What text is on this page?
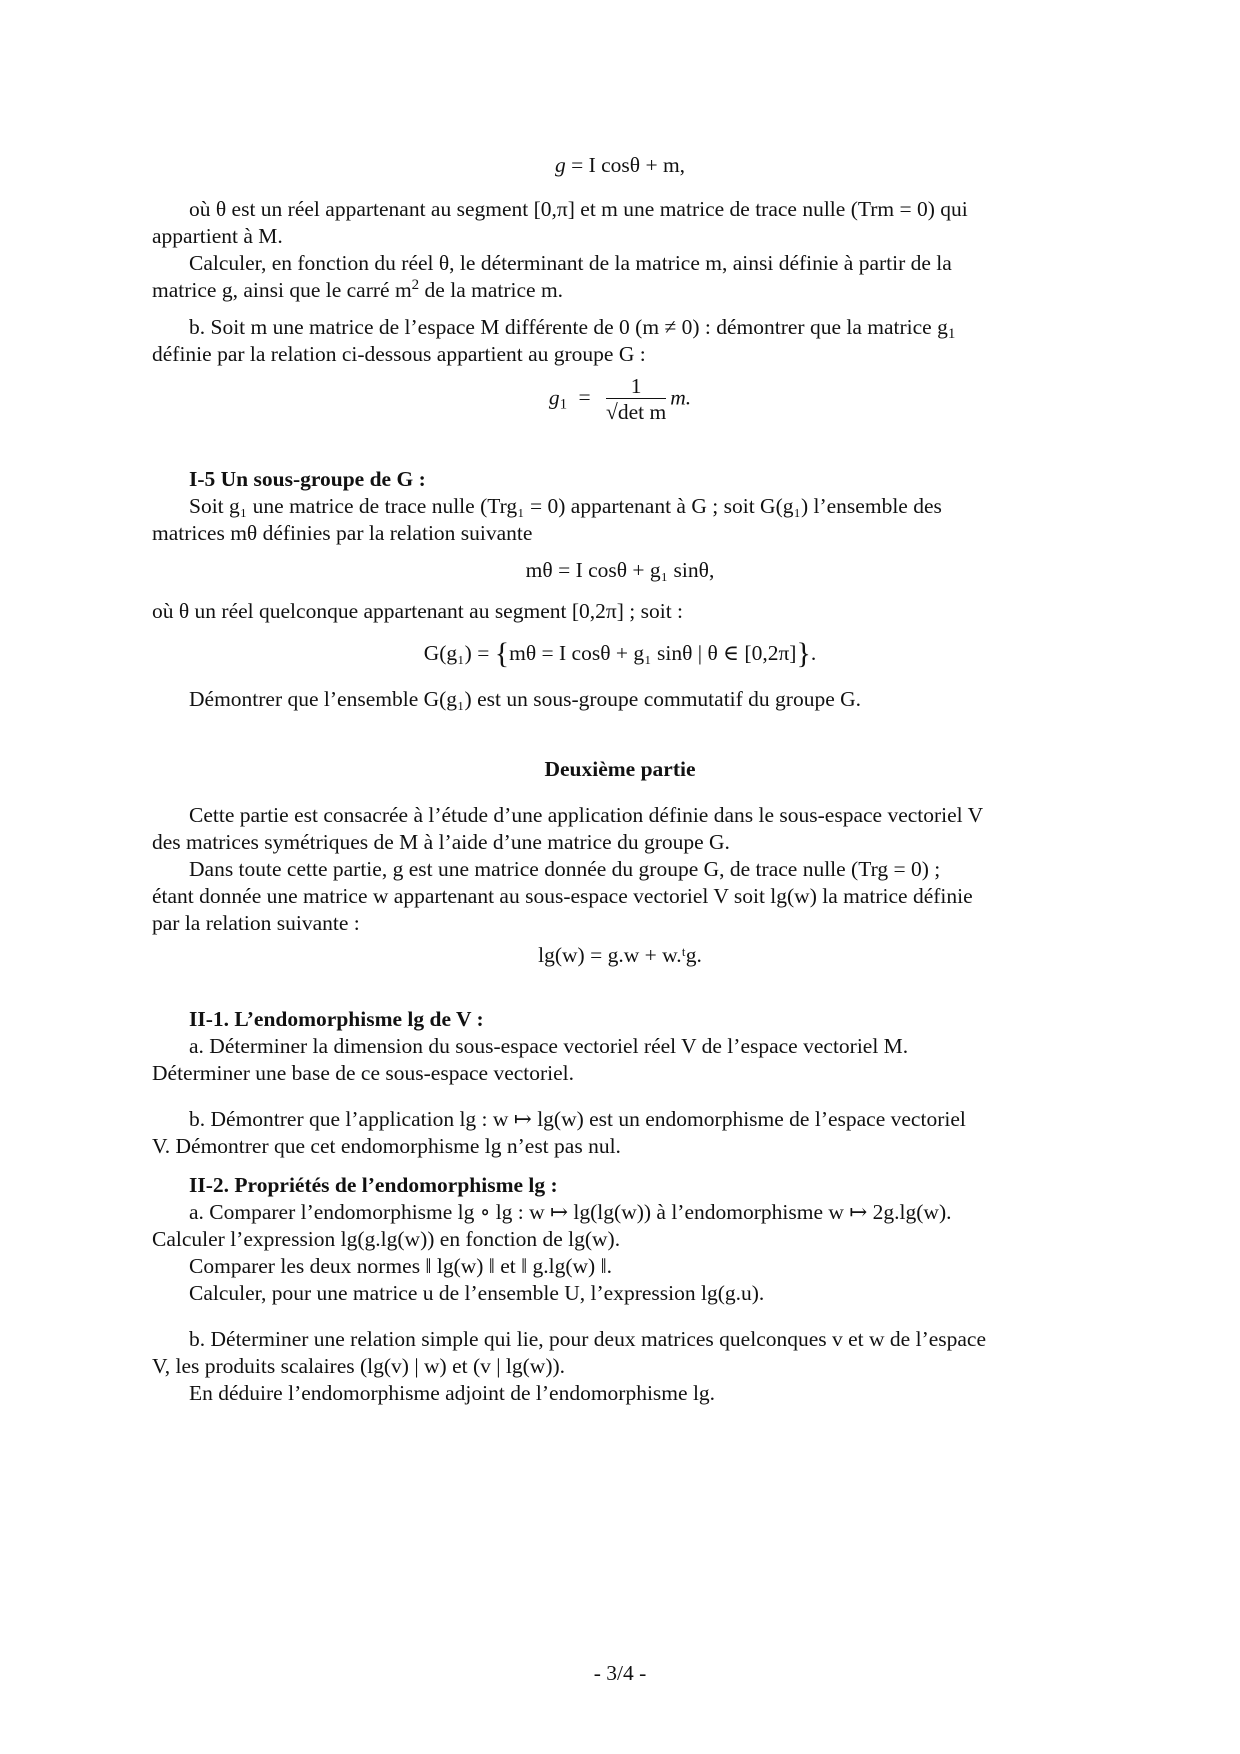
g = I cosθ + m,

où θ est un réel appartenant au segment [0,π] et m une matrice de trace nulle (Trm = 0) qui

appartient à M.

Calculer, en fonction du réel θ, le déterminant de la matrice m, ainsi définie à partir de la

matrice g, ainsi que le carré $m^2$ de la matrice m.

b. Soit m une matrice de l’espace M différente de 0 (m ≠ 0) : démontrer que la matrice $g_1$

définie par la relation ci-dessous appartient au groupe G :

$g_1 = \frac{1}{\text{√det m}} m$.

I-5 Un sous-groupe de G :

Soit g₁ une matrice de trace nulle (Trg₁ = 0) appartenant à G ; soit G(g₁) l’ensemble des

matrices mθ définies par la relation suivante

mθ = I cosθ + g₁ sinθ,

où θ un réel quelconque appartenant au segment [0,2π] ; soit :

G(g₁) = {mθ = I cosθ + g₁ sinθ | θ ∈ [0,2π]}.

Démontrer que l’ensemble G(g₁) est un sous-groupe commutatif du groupe G.

Deuxième partie

Cette partie est consacrée à l’étude d’une application définie dans le sous-espace vectoriel V

des matrices symétriques de M à l’aide d’une matrice du groupe G.

Dans toute cette partie, g est une matrice donnée du groupe G, de trace nulle (Trg = 0) ;

étant donnée une matrice w appartenant au sous-espace vectoriel V soit lg(w) la matrice définie

par la relation suivante :

lg(w) = g.w + w.ᵗg.

II-1. L’endomorphisme lg de V :

a. Déterminer la dimension du sous-espace vectoriel réel V de l’espace vectoriel M.

Déterminer une base de ce sous-espace vectoriel.

b. Démontrer que l’application lg : w ↦ lg(w) est un endomorphisme de l’espace vectoriel

V. Démontrer que cet endomorphisme lg n’est pas nul.

II-2. Propriétés de l’endomorphisme lg :

a. Comparer l’endomorphisme lg ∘ lg : w ↦ lg(lg(w)) à l’endomorphisme w ↦ 2g.lg(w).

Calculer l’expression lg(g.lg(w)) en fonction de lg(w).

Comparer les deux normes ‖ lg(w) ‖ et ‖ g.lg(w) ‖.

Calculer, pour une matrice u de l’ensemble U, l’expression lg(g.u).

b. Déterminer une relation simple qui lie, pour deux matrices quelconques v et w de l’espace

V, les produits scalaires (lg(v) | w) et (v | lg(w)).

En déduire l’endomorphisme adjoint de l’endomorphisme lg.

- 3/4 -
